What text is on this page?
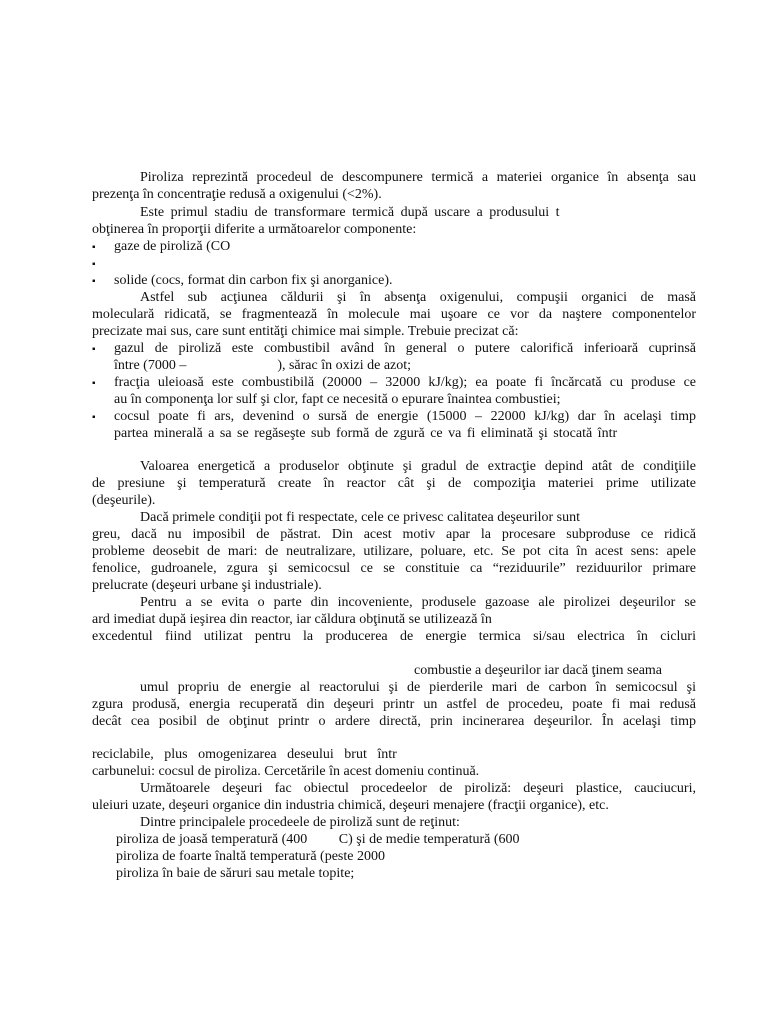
Piroliza reprezintă procedeul de descompunere termică a materiei organice în absenţa sau
prezenţa în concentraţie redusă a oxigenului (<2%).
Este primul stadiu de transformare termică după uscare a produsului t
obţinerea în proporţii diferite a următoarelor componente:
▪	gaze de piroliză (CO
▪
▪	solide (cocs, format din carbon fix şi anorganice).
Astfel sub acţiunea căldurii şi în absenţa oxigenului, compuşii organici de masă
moleculară ridicată, se fragmentează în molecule mai uşoare ce vor da naştere componentelor
precizate mai sus, care sunt entităţi chimice mai simple. Trebuie precizat că:
▪	gazul de piroliză este combustibil având în general o putere calorifică inferioară cuprinsă
între (7000 –                          ), sărac în oxizi de azot;
▪	fracţia uleioasă este combustibilă (20000 – 32000 kJ/kg); ea poate fi încărcată cu produse ce
au în componenţa lor sulf şi clor, fapt ce necesită o epurare înaintea combustiei;
▪	cocsul poate fi ars, devenind o sursă de energie (15000 – 22000 kJ/kg) dar în acelaşi timp
partea minerală a sa se regăseşte sub formă de zgură ce va fi eliminată şi stocată într
Valoarea energetică a produselor obţinute şi gradul de extracţie depind atât de condiţiile
de presiune şi temperatură create în reactor cât şi de compoziţia materiei prime utilizate
(deşeurile).
Dacă primele condiţii pot fi respectate, cele ce privesc calitatea deşeurilor sunt
greu, dacă nu imposibil de păstrat. Din acest motiv apar la procesare subproduse ce ridică
probleme deosebit de mari: de neutralizare, utilizare, poluare, etc. Se pot cita în acest sens: apele
fenolice, gudroanele, zgura şi semicocsul ce se constituie ca “reziduurile” reziduurilor primare
prelucrate (deşeuri urbane şi industriale).
Pentru a se evita o parte din incoveniente, produsele gazoase ale pirolizei deşeurilor se
ard imediat după ieşirea din reactor, iar căldura obţinută se utilizează în
excedentul fiind utilizat pentru la producerea de energie termica si/sau electrica în cicluri
combustie a deşeurilor iar dacă ţinem seama
umul propriu de energie al reactorului şi de pierderile mari de carbon în semicocsul şi
zgura produsă, energia recuperată din deşeuri printr un astfel de procedeu, poate fi mai redusă
decât cea posibil de obţinut printr o ardere directă, prin incinerarea deşeurilor. În acelaşi timp
reciclabile,   plus   omogenizarea   deseului   brut   într
carbunelui: cocsul de piroliza. Cercetările în acest domeniu continuă.
Următoarele deşeuri fac obiectul procedeelor de piroliză: deşeuri plastice, cauciucuri,
uleiuri uzate, deşeuri organice din industria chimică, deşeuri menajere (fracţii organice), etc.
Dintre principalele procedeele de piroliză sunt de reţinut:
piroliza de joasă temperatură (400         C) şi de medie temperatură (600
piroliza de foarte înaltă temperatură (peste 2000
piroliza în baie de săruri sau metale topite;
